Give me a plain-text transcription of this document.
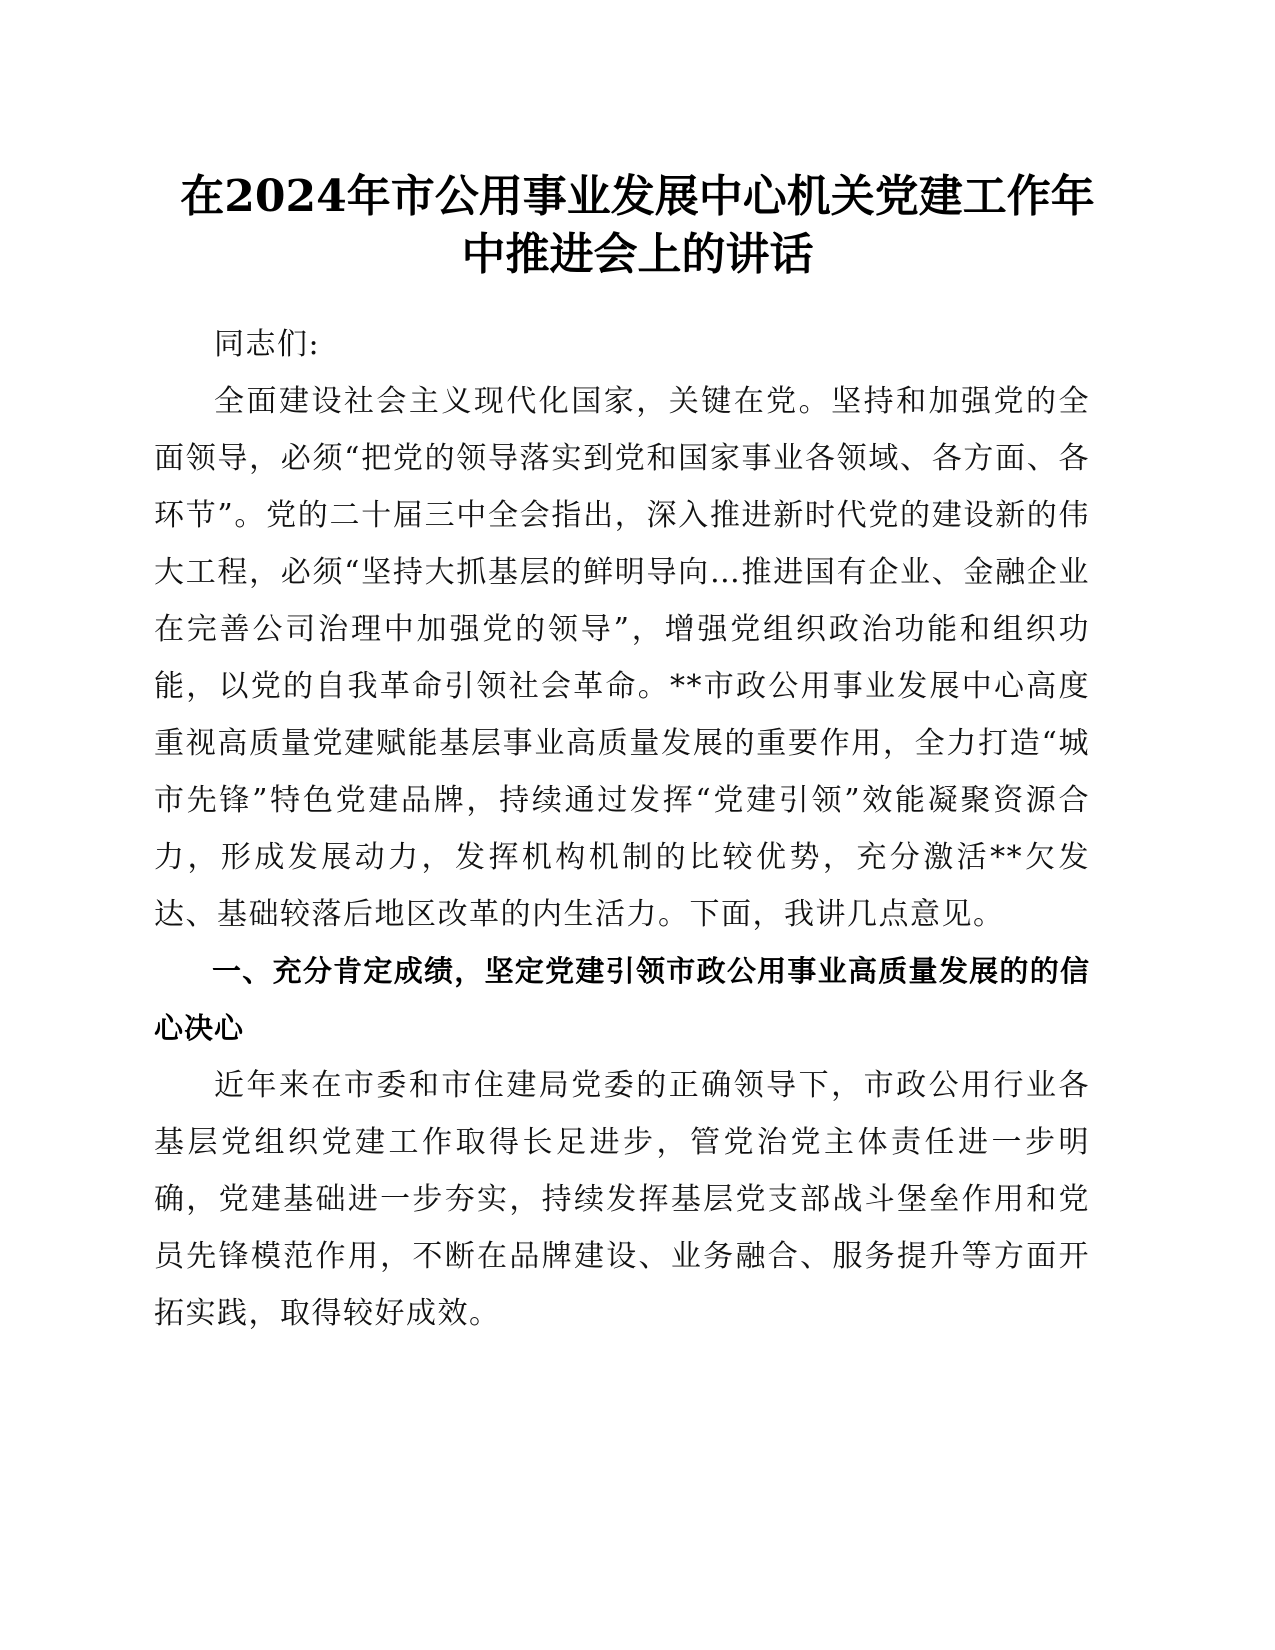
在2024年市公用事业发展中心机关党建工作年
中推进会上的讲话

同志们:

全面建设社会主义现代化国家，关键在党。坚持和加强党的全面领导，必须“把党的领导落实到党和国家事业各领域、各方面、各环节”。党的二十届三中全会指出，深入推进新时代党的建设新的伟大工程，必须“坚持大抓基层的鲜明导向…推进国有企业、金融企业在完善公司治理中加强党的领导”，增强党组织政治功能和组织功能，以党的自我革命引领社会革命。**市政公用事业发展中心高度重视高质量党建赋能基层事业高质量发展的重要作用，全力打造“城市先锋”特色党建品牌，持续通过发挥“党建引领”效能凝聚资源合力，形成发展动力，发挥机构机制的比较优势，充分激活**欠发达、基础较落后地区改革的内生活力。下面，我讲几点意见。

一、充分肯定成绩，坚定党建引领市政公用事业高质量发展的的信心决心

近年来在市委和市住建局党委的正确领导下，市政公用行业各基层党组织党建工作取得长足进步，管党治党主体责任进一步明确，党建基础进一步夯实，持续发挥基层党支部战斗堡垒作用和党员先锋模范作用，不断在品牌建设、业务融合、服务提升等方面开拓实践，取得较好成效。
